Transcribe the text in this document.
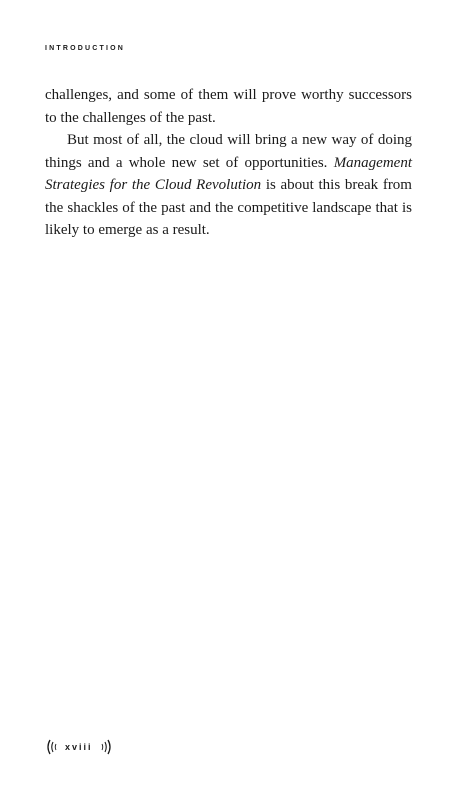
INTRODUCTION

challenges, and some of them will prove worthy successors to the challenges of the past.

But most of all, the cloud will bring a new way of doing things and a whole new set of opportunities. Management Strategies for the Cloud Revolution is about this break from the shackles of the past and the competitive landscape that is likely to emerge as a result.

xviii
